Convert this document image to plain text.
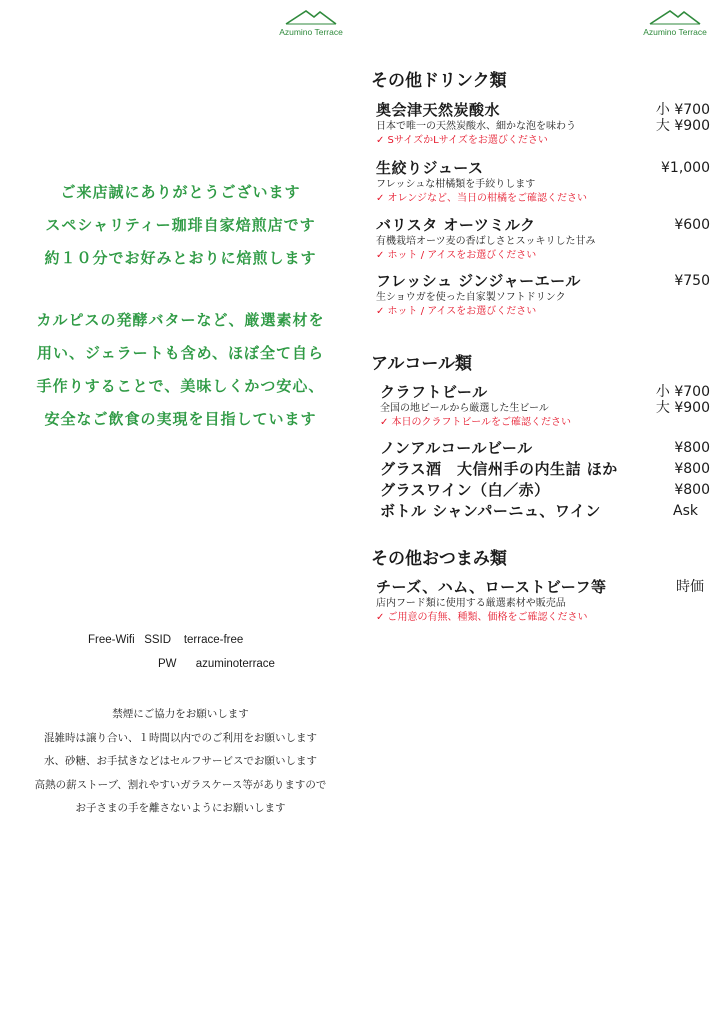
Azumino Terrace	Azumino Terrace
ご来店誠にありがとうございます
スペシャリティー珈琲自家焙煎店です
約１０分でお好みとおりに焙煎します
カルピスの発酵バターなど、厳選素材を
用い、ジェラートも含め、ほぼ全て自ら
手作りすることで、美味しくかつ安心、
安全なご飲食の実現を目指しています
Free-Wifi   SSID    terrace-free
PW      azuminoterrace
禁煙にご協力をお願いします
混雑時は譲り合い、１時間以内でのご利用をお願いします
水、砂糖、お手拭きなどはセルフサービスでお願いします
高熱の薪ストーブ、割れやすいガラスケース等がありますので
お子さまの手を離さないようにお願いします
その他ドリンク類
奥会津天然炭酸水
日本で唯一の天然炭酸水、細かな泡を味わう
✓ SサイズかLサイズをお選びください
小 ¥700
大 ¥900
生絞りジュース
フレッシュな柑橘類を手絞りします
✓ オレンジなど、当日の柑橘をご確認ください
¥1,000
バリスタ オーツミルク
有機栽培オーツ麦の香ばしさとスッキリした甘み
✓ ホット / アイスをお選びください
¥600
フレッシュ ジンジャーエール
生ショウガを使った自家製ソフトドリンク
✓ ホット / アイスをお選びください
¥750
アルコール類
クラフトビール
全国の地ビールから厳選した生ビール
✓ 本日のクラフトビールをご確認ください
小 ¥700
大 ¥900
ノンアルコールビール	¥800
グラス酒　大信州手の内生詰 ほか	¥800
グラスワイン（白／赤）	¥800
ボトル シャンパーニュ、ワイン	Ask
その他おつまみ類
チーズ、ハム、ローストビーフ等
店内フード類に使用する厳選素材や販売品
✓ ご用意の有無、種類、価格をご確認ください
時価
